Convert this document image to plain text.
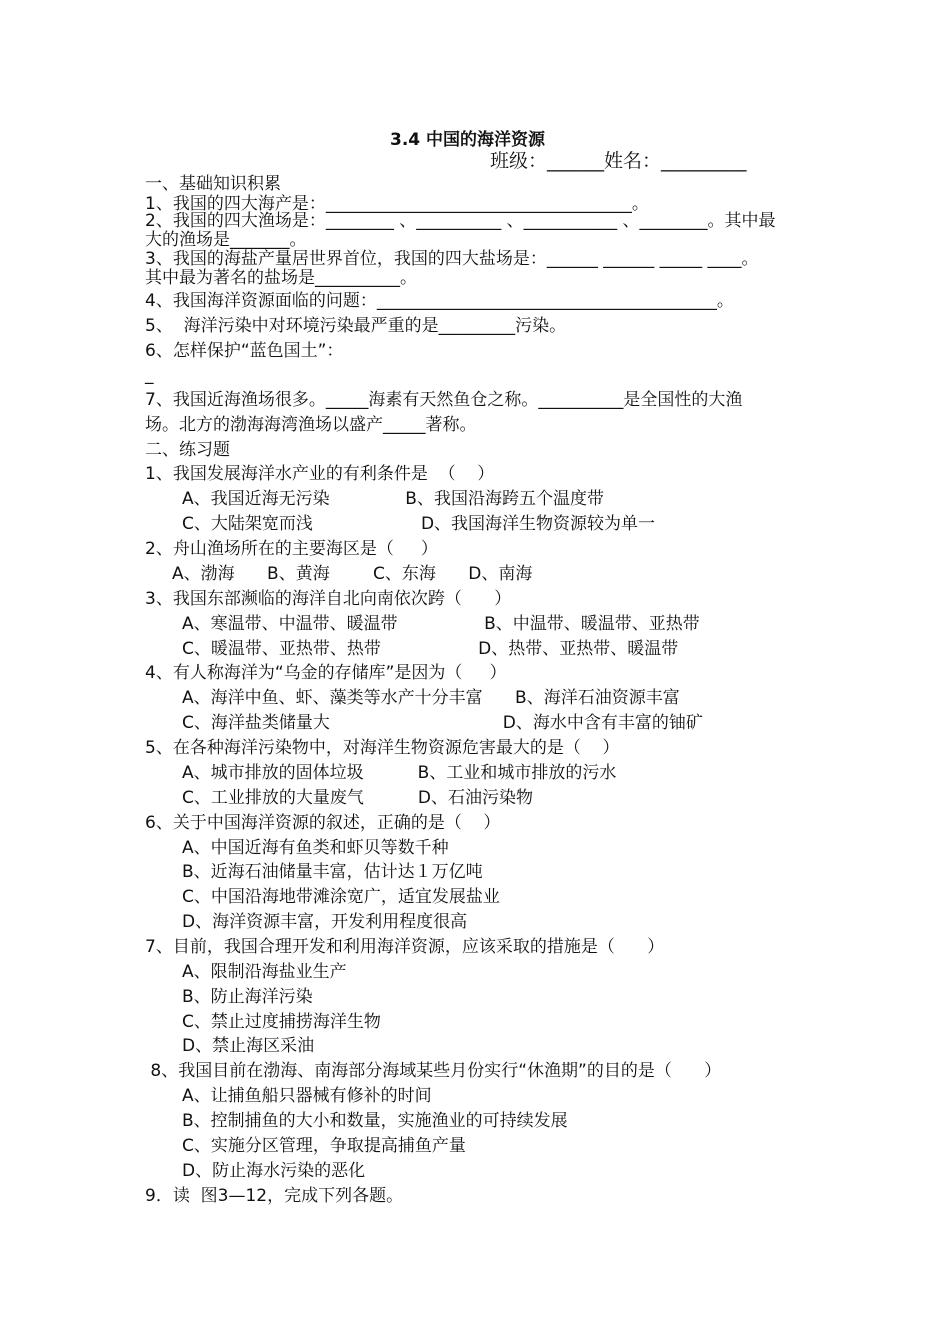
3.4 中国的海洋资源
班级：______姓名：_________
一、基础知识积累
1、我国的四大海产是：____________________________________。
2、我国的四大渔场是：________ 、__________ 、___________ 、________。其中最
大的渔场是_______。
3、我国的海盐产量居世界首位，我国的四大盐场是：______ ______ _____ ____。
其中最为著名的盐场是__________。
4、我国海洋资源面临的问题：________________________________________。
5、  海洋污染中对环境污染最严重的是_________污染。
6、怎样保护“蓝色国土”：
_
7、我国近海渔场很多。_____海素有天然鱼仓之称。__________是全国性的大渔
场。北方的渤海海湾渔场以盛产_____著称。
二、练习题
1、我国发展海洋水产业的有利条件是  （    ）
A、我国近海无污染              B、我国沿海跨五个温度带
C、大陆架宽而浅                    D、我国海洋生物资源较为单一
2、舟山渔场所在的主要海区是（     ）
A、渤海      B、黄海        C、东海      D、南海
3、我国东部濒临的海洋自北向南依次跨（      ）
A、寒温带、中温带、暖温带                B、中温带、暖温带、亚热带
C、暖温带、亚热带、热带                  D、热带、亚热带、暖温带
4、有人称海洋为“乌金的存储库”是因为（     ）
A、海洋中鱼、虾、藻类等水产十分丰富      B、海洋石油资源丰富
C、海洋盐类储量大                                D、海水中含有丰富的铀矿
5、在各种海洋污染物中，对海洋生物资源危害最大的是（    ）
A、城市排放的固体垃圾          B、工业和城市排放的污水
C、工业排放的大量废气          D、石油污染物
6、关于中国海洋资源的叙述，正确的是（    ）
A、中国近海有鱼类和虾贝等数千种
B、近海石油储量丰富，估计达１万亿吨
C、中国沿海地带滩涂宽广，适宜发展盐业
D、海洋资源丰富，开发利用程度很高
7、目前，我国合理开发和利用海洋资源，应该采取的措施是（      ）
A、限制沿海盐业生产
B、防止海洋污染
C、禁止过度捕捞海洋生物
D、禁止海区采油
8、我国目前在渤海、南海部分海域某些月份实行“休渔期”的目的是（      ）
A、让捕鱼船只器械有修补的时间
B、控制捕鱼的大小和数量，实施渔业的可持续发展
C、实施分区管理，争取提高捕鱼产量
D、防止海水污染的恶化
9．读  图3—12，完成下列各题。
